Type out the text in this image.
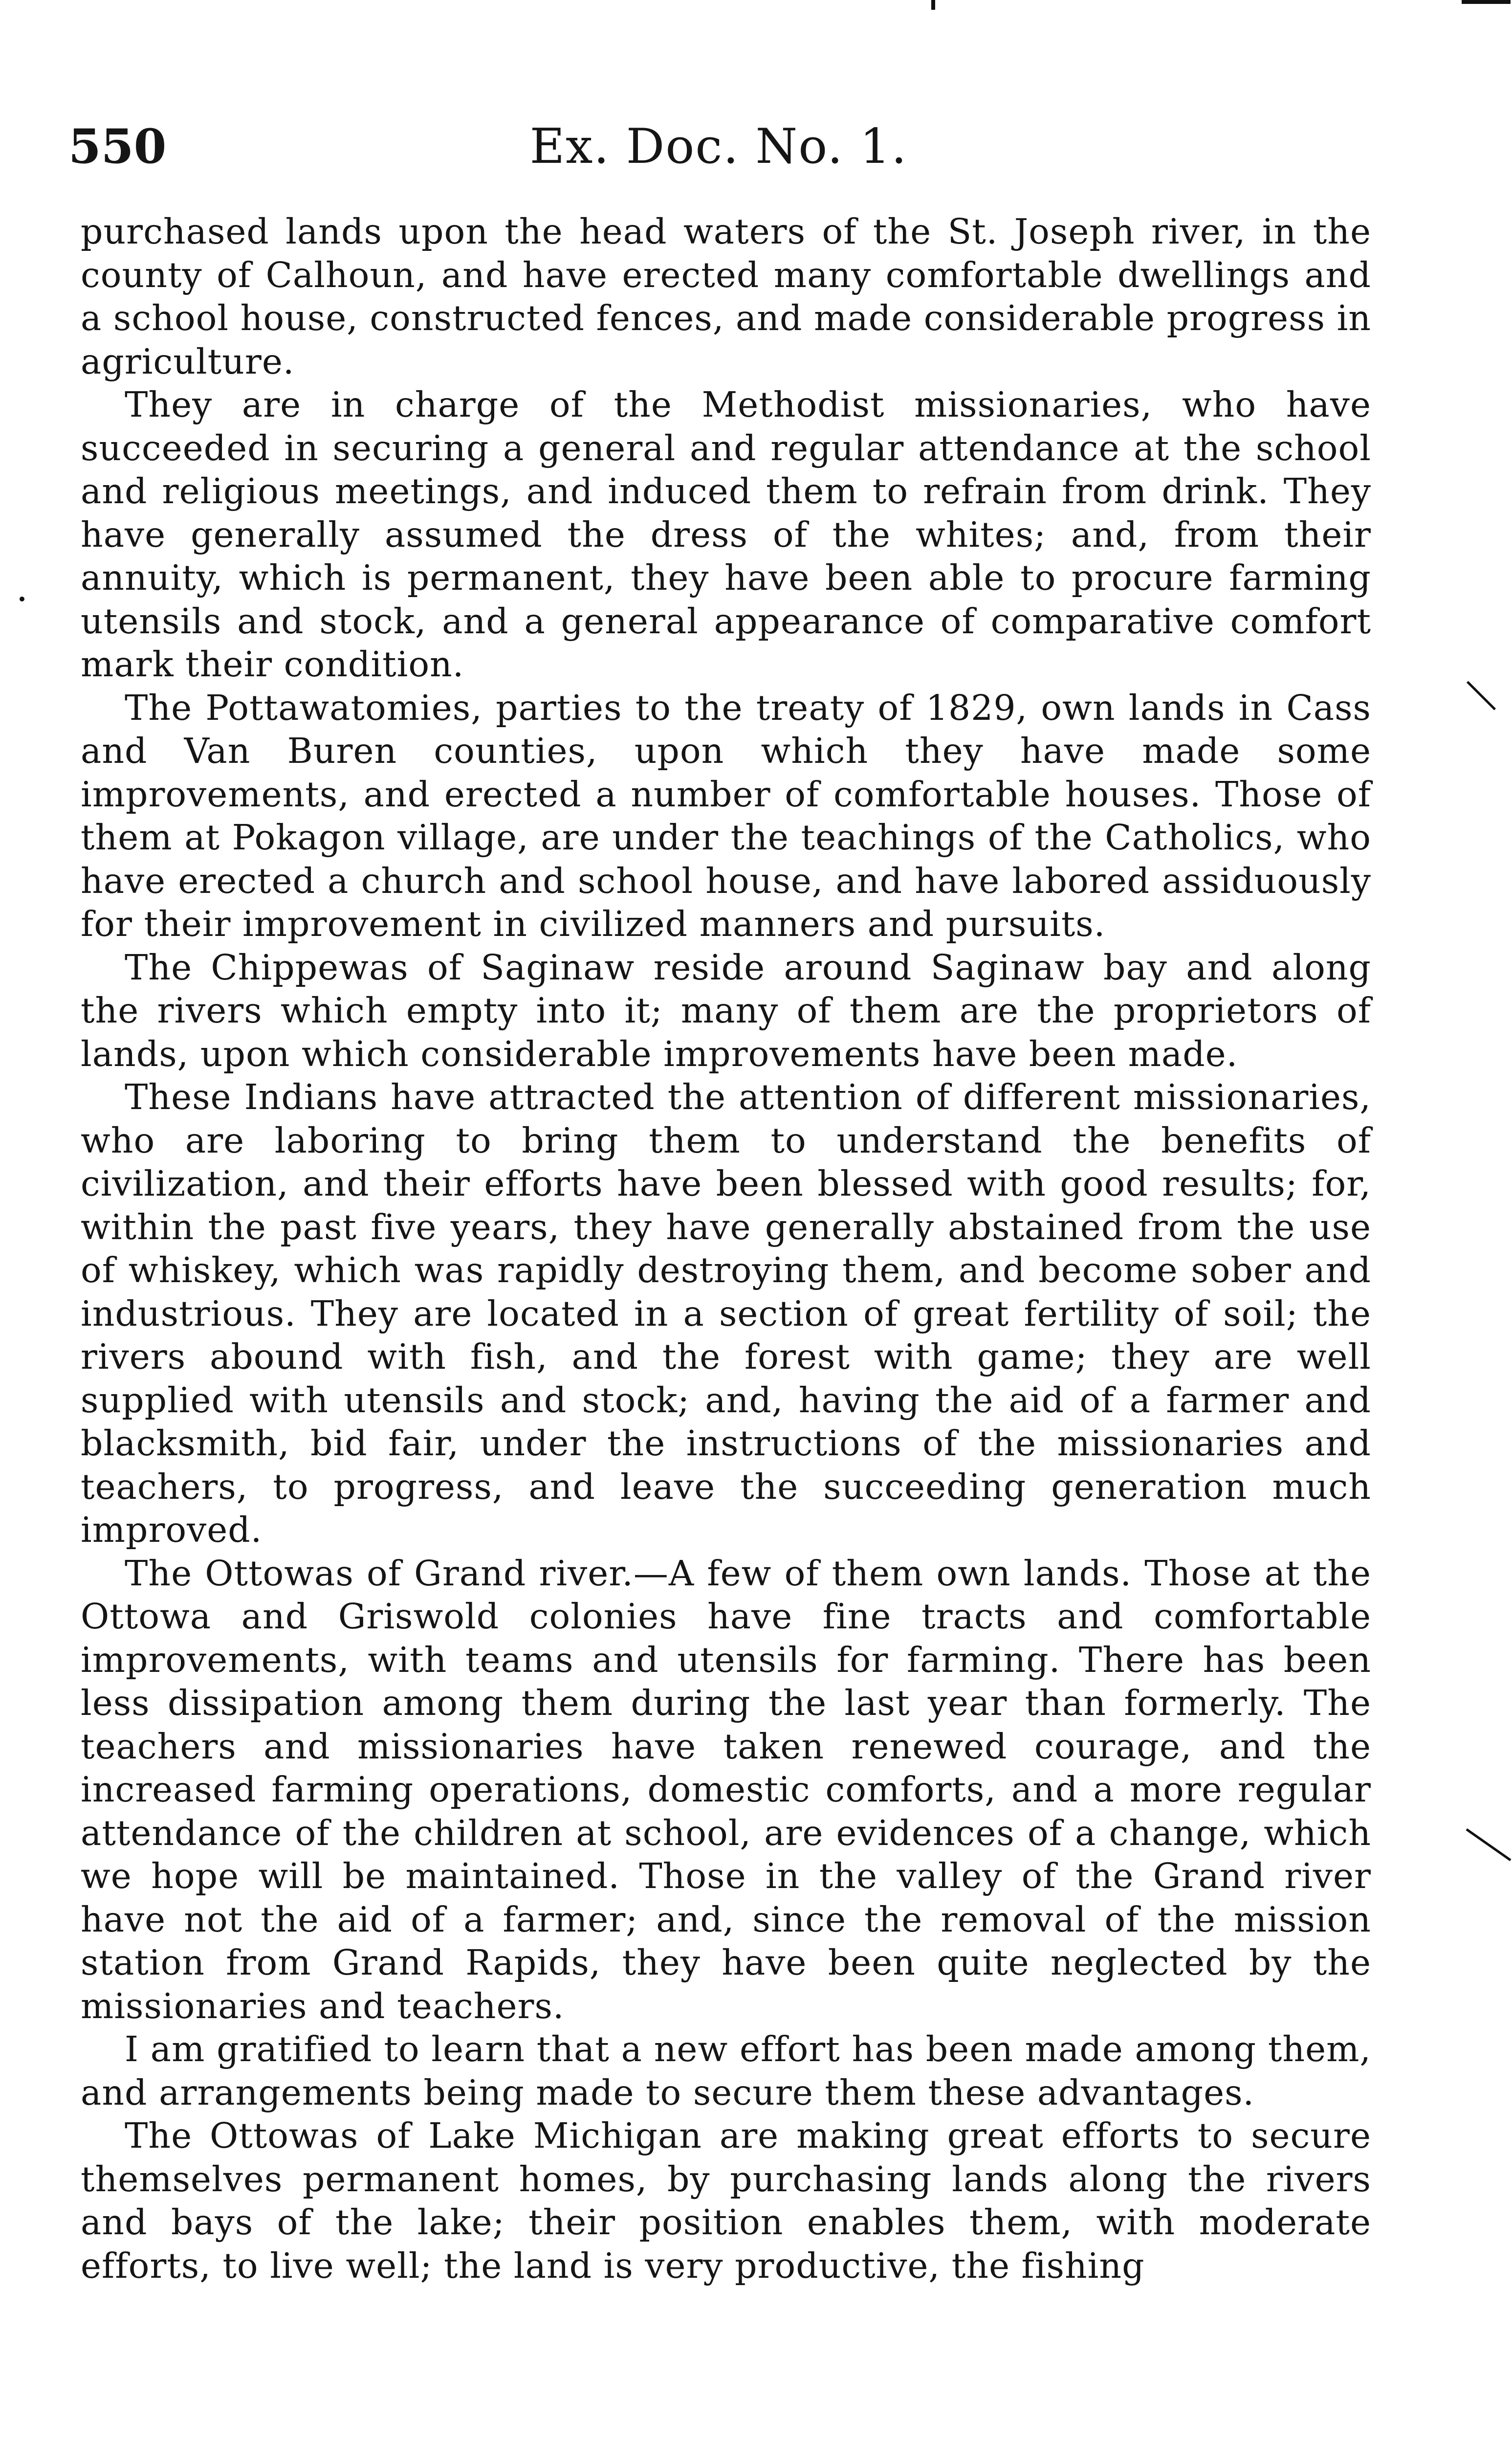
550	Ex. Doc. No. 1.

purchased lands upon the head waters of the St. Joseph river, in the county of Calhoun, and have erected many comfortable dwellings and a school house, constructed fences, and made considerable progress in agriculture.

They are in charge of the Methodist missionaries, who have succeeded in securing a general and regular attendance at the school and religious meetings, and induced them to refrain from drink. They have generally assumed the dress of the whites; and, from their annuity, which is permanent, they have been able to procure farming utensils and stock, and a general appearance of comparative comfort mark their condition.

The Pottawatomies, parties to the treaty of 1829, own lands in Cass and Van Buren counties, upon which they have made some improvements, and erected a number of comfortable houses. Those of them at Pokagon village, are under the teachings of the Catholics, who have erected a church and school house, and have labored assiduously for their improvement in civilized manners and pursuits.

The Chippewas of Saginaw reside around Saginaw bay and along the rivers which empty into it; many of them are the proprietors of lands, upon which considerable improvements have been made.

These Indians have attracted the attention of different missionaries, who are laboring to bring them to understand the benefits of civilization, and their efforts have been blessed with good results; for, within the past five years, they have generally abstained from the use of whiskey, which was rapidly destroying them, and become sober and industrious. They are located in a section of great fertility of soil; the rivers abound with fish, and the forest with game; they are well supplied with utensils and stock; and, having the aid of a farmer and blacksmith, bid fair, under the instructions of the missionaries and teachers, to progress, and leave the succeeding generation much improved.

The Ottowas of Grand river.—A few of them own lands. Those at the Ottowa and Griswold colonies have fine tracts and comfortable improvements, with teams and utensils for farming. There has been less dissipation among them during the last year than formerly. The teachers and missionaries have taken renewed courage, and the increased farming operations, domestic comforts, and a more regular attendance of the children at school, are evidences of a change, which we hope will be maintained. Those in the valley of the Grand river have not the aid of a farmer; and, since the removal of the mission station from Grand Rapids, they have been quite neglected by the missionaries and teachers.

I am gratified to learn that a new effort has been made among them, and arrangements being made to secure them these advantages.

The Ottowas of Lake Michigan are making great efforts to secure themselves permanent homes, by purchasing lands along the rivers and bays of the lake; their position enables them, with moderate efforts, to live well; the land is very productive, the fishing
